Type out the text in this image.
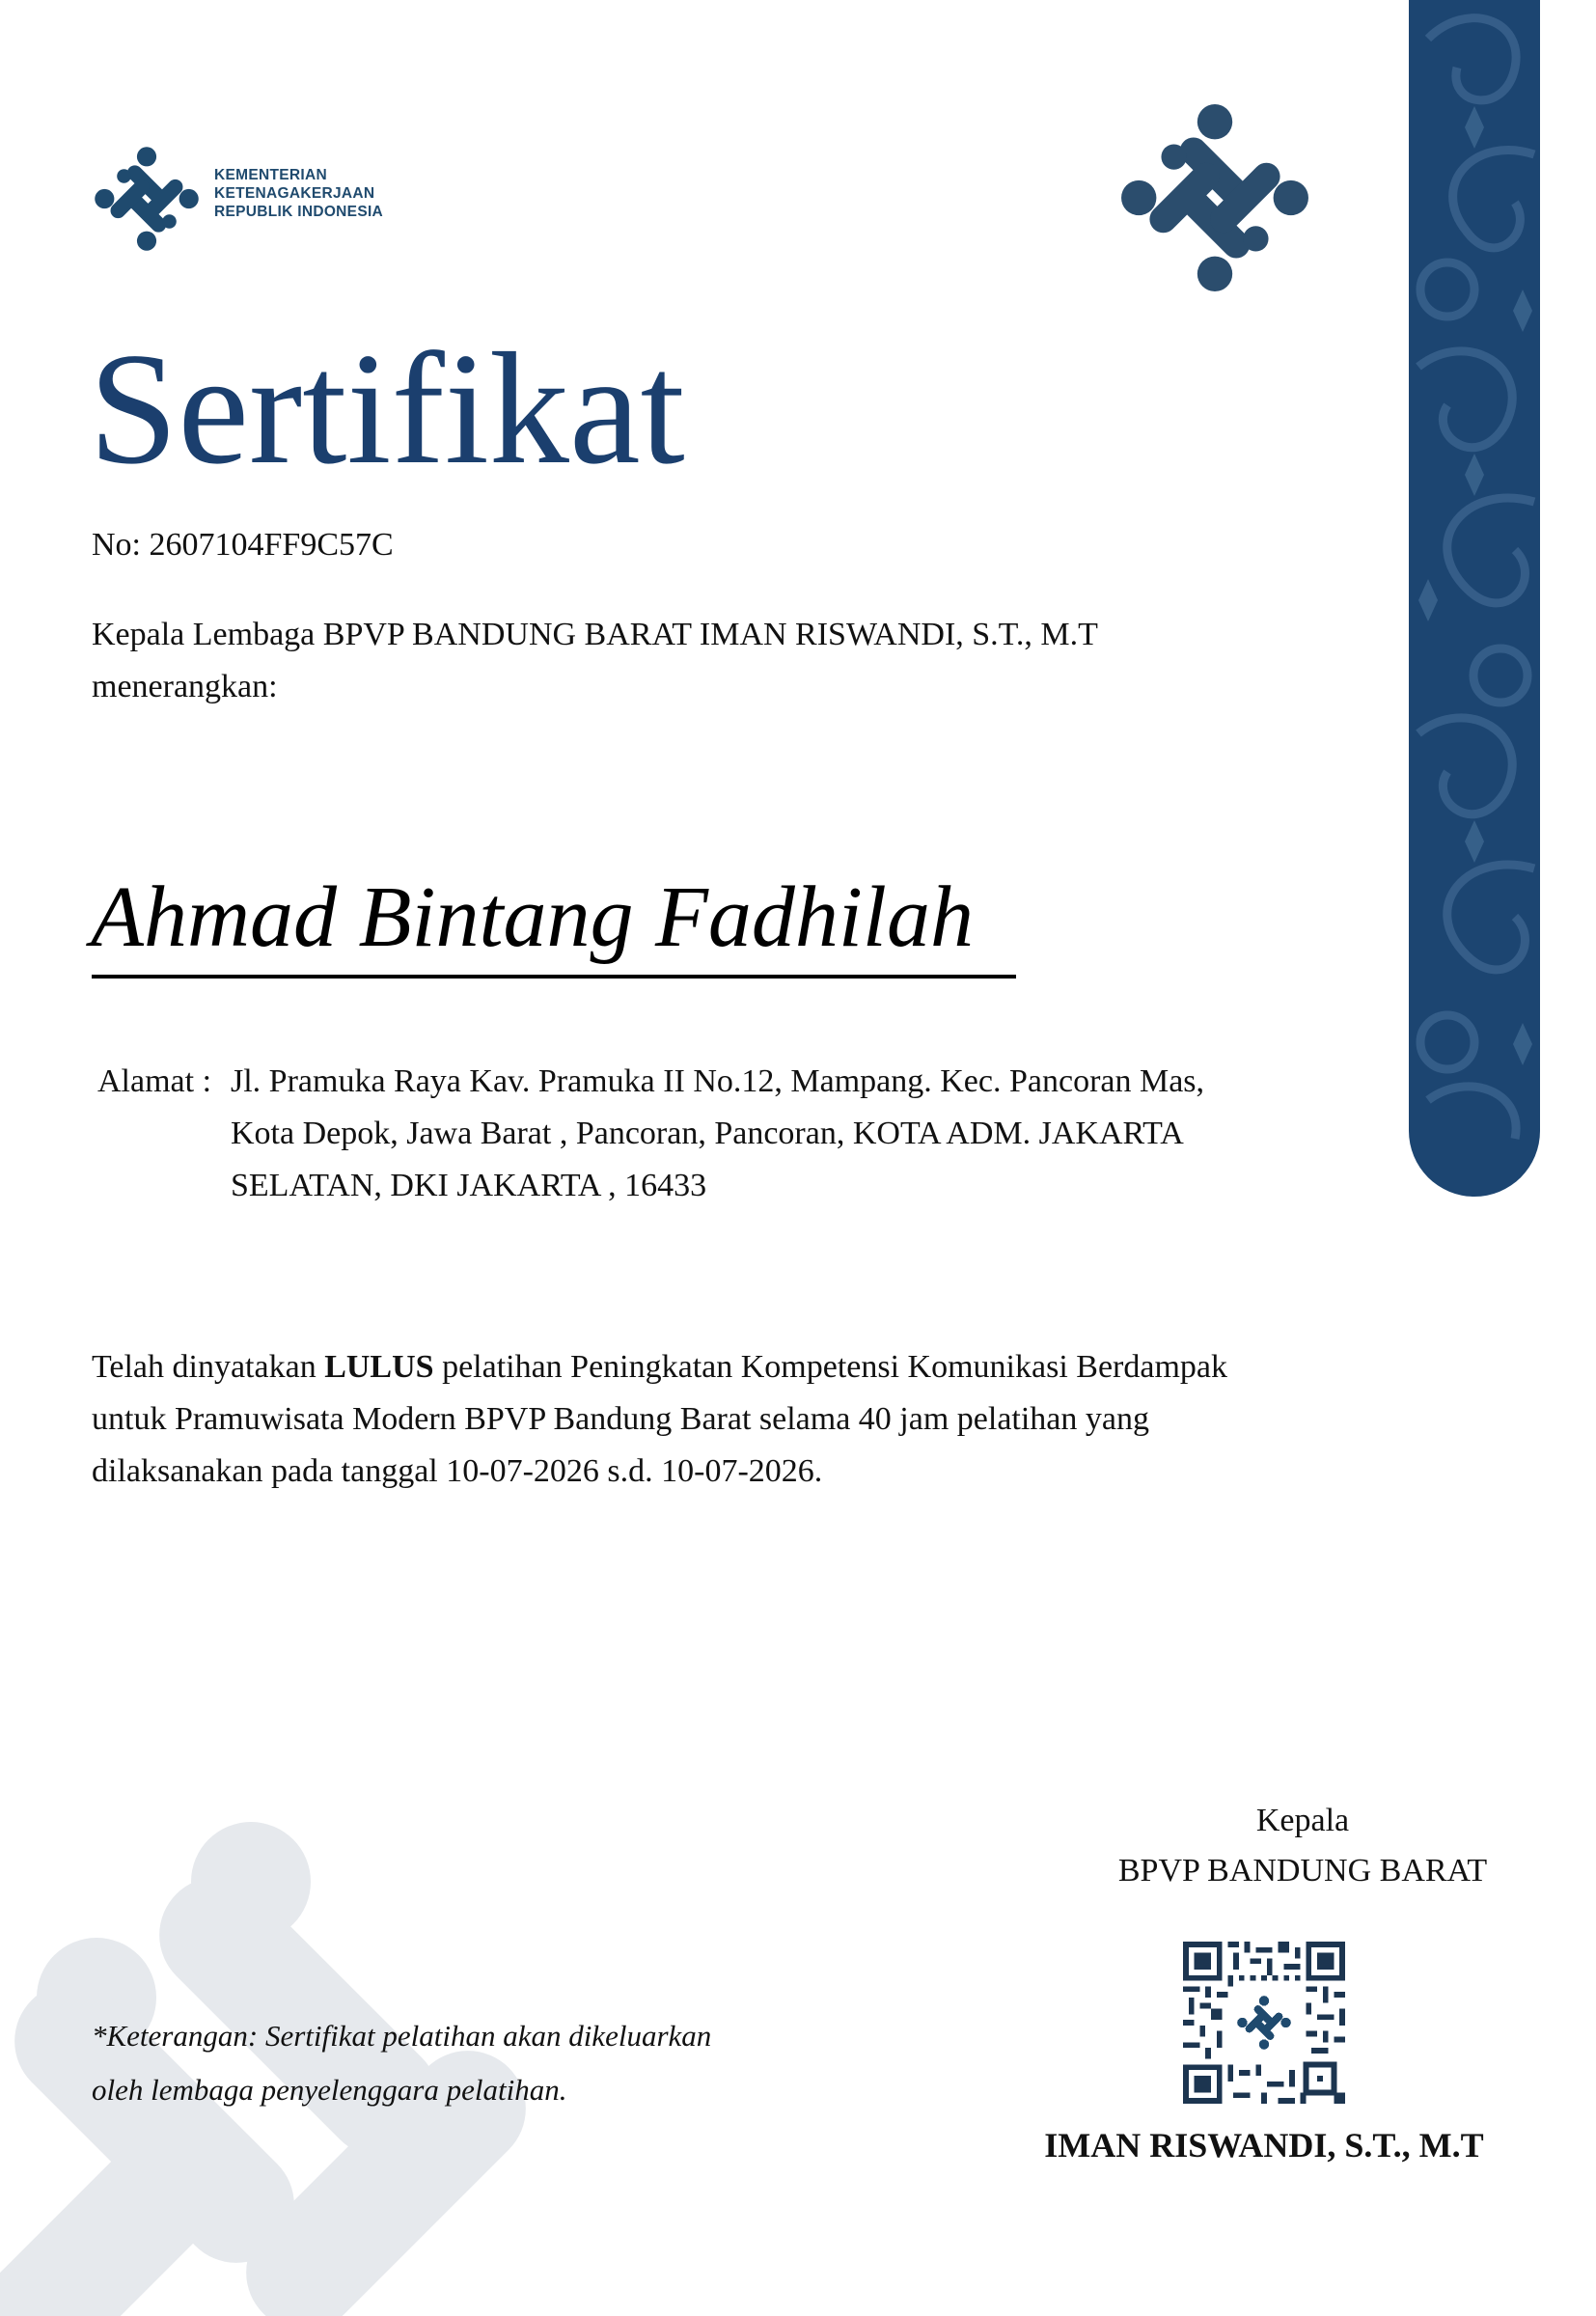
KEMENTERIAN
KETENAGAKERJAAN
REPUBLIK INDONESIA
Sertifikat
No: 2607104FF9C57C
Kepala Lembaga BPVP BANDUNG BARAT IMAN RISWANDI, S.T., M.T menerangkan:
Ahmad Bintang Fadhilah
Alamat : Jl. Pramuka Raya Kav. Pramuka II No.12, Mampang. Kec. Pancoran Mas, Kota Depok, Jawa Barat , Pancoran, Pancoran, KOTA ADM. JAKARTA SELATAN, DKI JAKARTA , 16433
Telah dinyatakan LULUS pelatihan Peningkatan Kompetensi Komunikasi Berdampak untuk Pramuwisata Modern BPVP Bandung Barat selama 40 jam pelatihan yang dilaksanakan pada tanggal 10-07-2026 s.d. 10-07-2026.
Kepala
BPVP BANDUNG BARAT
IMAN RISWANDI, S.T., M.T
*Keterangan: Sertifikat pelatihan akan dikeluarkan
oleh lembaga penyelenggara pelatihan.
